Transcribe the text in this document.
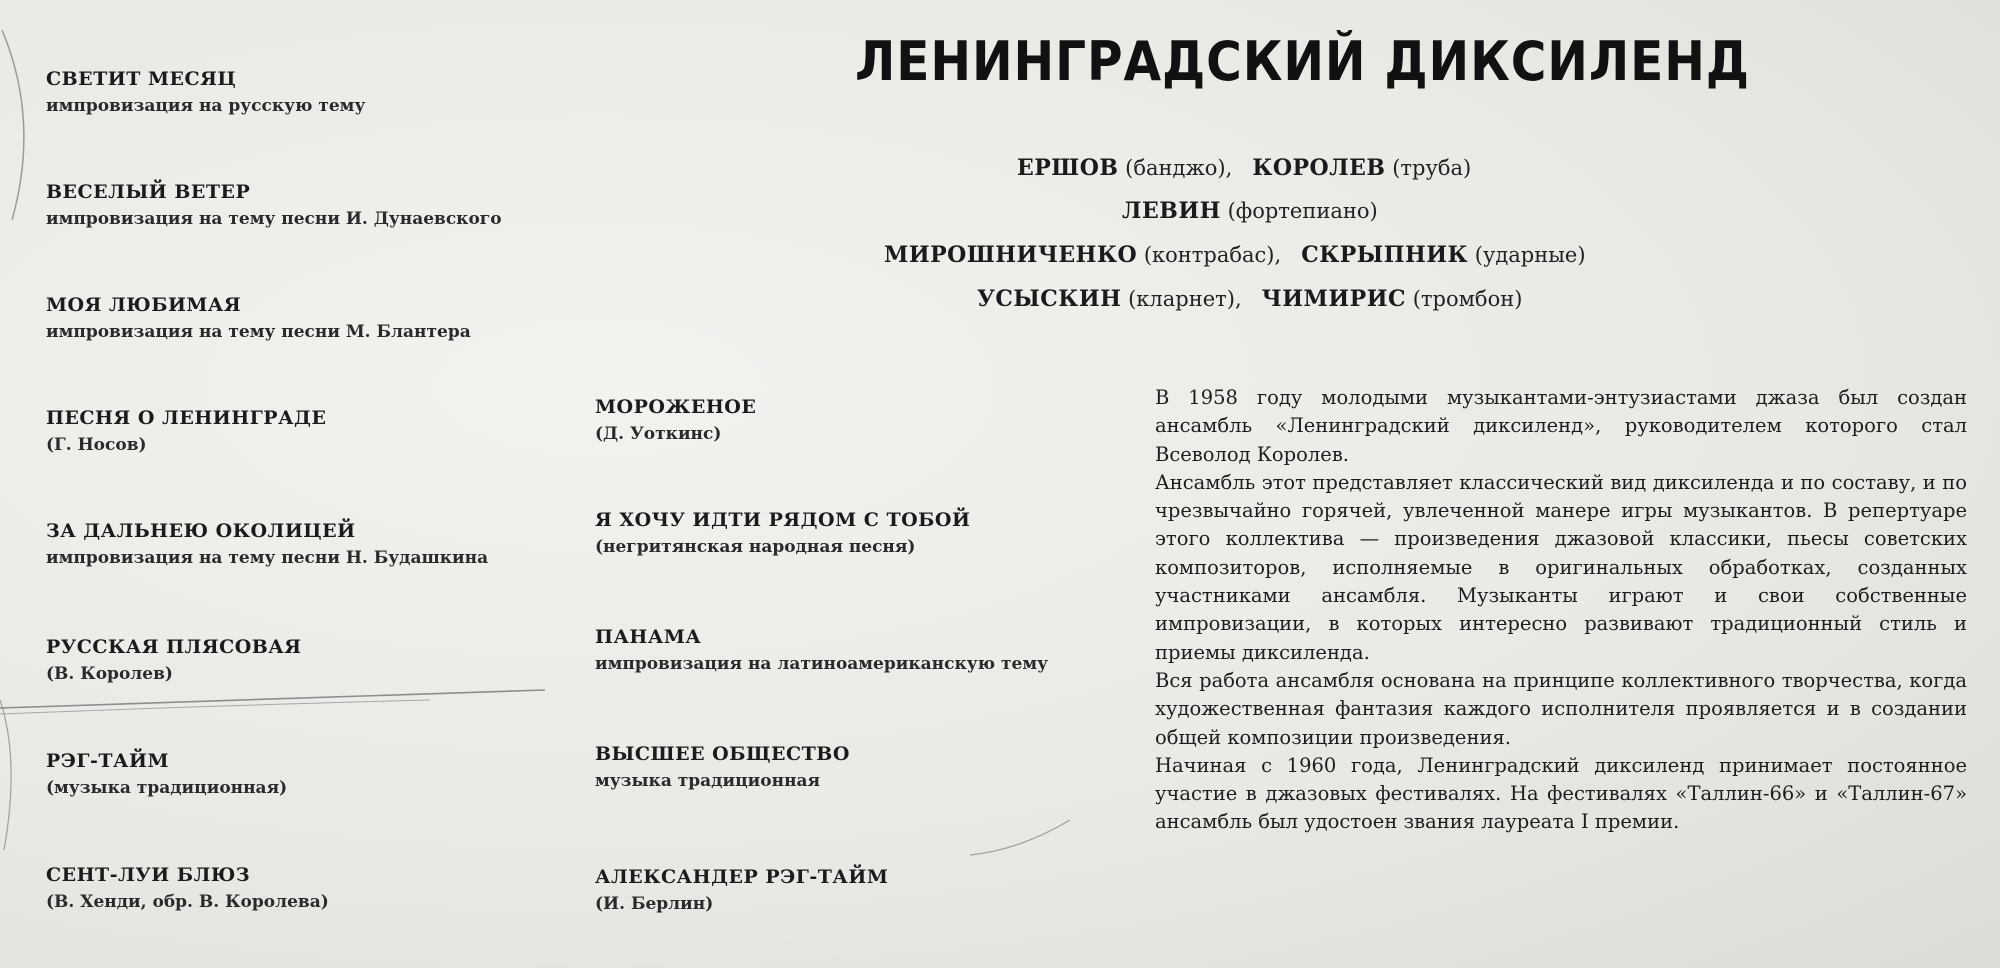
ЛЕНИНГРАДСКИЙ ДИКСИЛЕНД
ЕРШОВ (банджо), КОРОЛЕВ (труба)
ЛЕВИН (фортепиано)
МИРОШНИЧЕНКО (контрабас), СКРЫПНИК (ударные)
УСЫСКИН (кларнет), ЧИМИРИС (тромбон)
СВЕТИТ МЕСЯЦ
импровизация на русскую тему
ВЕСЕЛЫЙ ВЕТЕР
импровизация на тему песни И. Дунаевского
МОЯ ЛЮБИМАЯ
импровизация на тему песни М. Блантера
ПЕСНЯ О ЛЕНИНГРАДЕ
(Г. Носов)
ЗА ДАЛЬНЕЮ ОКОЛИЦЕЙ
импровизация на тему песни Н. Будашкина
РУССКАЯ ПЛЯСОВАЯ
(В. Королев)
РЭГ-ТАЙМ
(музыка традиционная)
СЕНТ-ЛУИ БЛЮЗ
(В. Хенди, обр. В. Королева)
МОРОЖЕНОЕ
(Д. Уоткинс)
Я ХОЧУ ИДТИ РЯДОМ С ТОБОЙ
(негритянская народная песня)
ПАНАМА
импровизация на латиноамериканскую тему
ВЫСШЕЕ ОБЩЕСТВО
музыка традиционная
АЛЕКСАНДЕР РЭГ-ТАЙМ
(И. Берлин)

В 1958 году молодыми музыкантами-энтузиастами джаза был создан ансамбль «Ленинградский диксиленд», руководителем которого стал Всеволод Королев.

Ансамбль этот представляет классический вид диксиленда и по составу, и по чрезвычайно горячей, увлеченной манере игры музыкантов. В репертуаре этого коллектива — произведения джазовой классики, пьесы советских композиторов, исполняемые в оригинальных обработках, созданных участниками ансамбля. Музыканты играют и свои собственные импровизации, в которых интересно развивают традиционный стиль и приемы диксиленда.

Вся работа ансамбля основана на принципе коллективного творчества, когда художественная фантазия каждого исполнителя проявляется и в создании общей композиции произведения.

Начиная с 1960 года, Ленинградский диксиленд принимает постоянное участие в джазовых фестивалях. На фестивалях «Таллин-66» и «Таллин-67» ансамбль был удостоен звания лауреата I премии.
